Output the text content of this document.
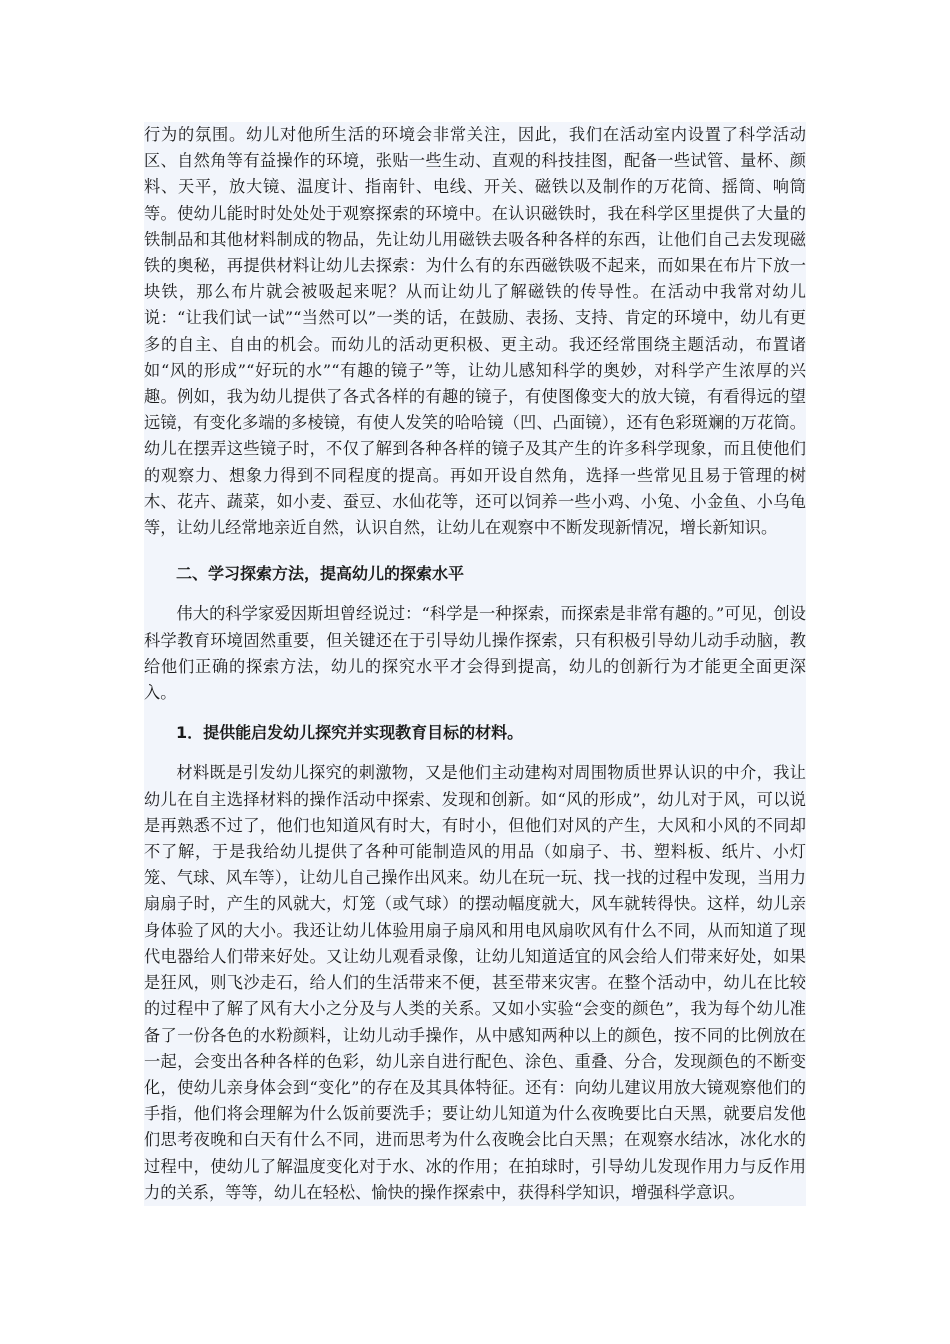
行为的氛围。幼儿对他所生活的环境会非常关注，因此，我们在活动室内设置了科学活动区、自然角等有益操作的环境，张贴一些生动、直观的科技挂图，配备一些试管、量杯、颜料、天平，放大镜、温度计、指南针、电线、开关、磁铁以及制作的万花筒、摇筒、响筒等。使幼儿能时时处处处于观察探索的环境中。在认识磁铁时，我在科学区里提供了大量的铁制品和其他材料制成的物品，先让幼儿用磁铁去吸各种各样的东西，让他们自己去发现磁铁的奥秘，再提供材料让幼儿去探索：为什么有的东西磁铁吸不起来，而如果在布片下放一块铁，那么布片就会被吸起来呢？从而让幼儿了解磁铁的传导性。在活动中我常对幼儿说：“让我们试一试”“当然可以”一类的话，在鼓励、表扬、支持、肯定的环境中，幼儿有更多的自主、自由的机会。而幼儿的活动更积极、更主动。我还经常围绕主题活动，布置诸如“风的形成”“好玩的水”“有趣的镜子”等，让幼儿感知科学的奥妙，对科学产生浓厚的兴趣。例如，我为幼儿提供了各式各样的有趣的镜子，有使图像变大的放大镜，有看得远的望远镜，有变化多端的多棱镜，有使人发笑的哈哈镜（凹、凸面镜），还有色彩斑斓的万花筒。幼儿在摆弄这些镜子时，不仅了解到各种各样的镜子及其产生的许多科学现象，而且使他们的观察力、想象力得到不同程度的提高。再如开设自然角，选择一些常见且易于管理的树木、花卉、蔬菜，如小麦、蚕豆、水仙花等，还可以饲养一些小鸡、小兔、小金鱼、小乌龟等，让幼儿经常地亲近自然，认识自然，让幼儿在观察中不断发现新情况，增长新知识。

二、学习探索方法，提高幼儿的探索水平

伟大的科学家爱因斯坦曾经说过：“科学是一种探索，而探索是非常有趣的。”可见，创设科学教育环境固然重要，但关键还在于引导幼儿操作探索，只有积极引导幼儿动手动脑，教给他们正确的探索方法，幼儿的探究水平才会得到提高，幼儿的创新行为才能更全面更深入。

1．提供能启发幼儿探究并实现教育目标的材料。

材料既是引发幼儿探究的刺激物，又是他们主动建构对周围物质世界认识的中介，我让幼儿在自主选择材料的操作活动中探索、发现和创新。如“风的形成”，幼儿对于风，可以说是再熟悉不过了，他们也知道风有时大，有时小，但他们对风的产生，大风和小风的不同却不了解，于是我给幼儿提供了各种可能制造风的用品（如扇子、书、塑料板、纸片、小灯笼、气球、风车等），让幼儿自己操作出风来。幼儿在玩一玩、找一找的过程中发现，当用力扇扇子时，产生的风就大，灯笼（或气球）的摆动幅度就大，风车就转得快。这样，幼儿亲身体验了风的大小。我还让幼儿体验用扇子扇风和用电风扇吹风有什么不同，从而知道了现代电器给人们带来好处。又让幼儿观看录像，让幼儿知道适宜的风会给人们带来好处，如果是狂风，则飞沙走石，给人们的生活带来不便，甚至带来灾害。在整个活动中，幼儿在比较的过程中了解了风有大小之分及与人类的关系。又如小实验“会变的颜色”，我为每个幼儿准备了一份各色的水粉颜料，让幼儿动手操作，从中感知两种以上的颜色，按不同的比例放在一起，会变出各种各样的色彩，幼儿亲自进行配色、涂色、重叠、分合，发现颜色的不断变化，使幼儿亲身体会到“变化”的存在及其具体特征。还有：向幼儿建议用放大镜观察他们的手指，他们将会理解为什么饭前要洗手；要让幼儿知道为什么夜晚要比白天黑，就要启发他们思考夜晚和白天有什么不同，进而思考为什么夜晚会比白天黑；在观察水结冰，冰化水的过程中，使幼儿了解温度变化对于水、冰的作用；在拍球时，引导幼儿发现作用力与反作用力的关系，等等，幼儿在轻松、愉快的操作探索中，获得科学知识，增强科学意识。
